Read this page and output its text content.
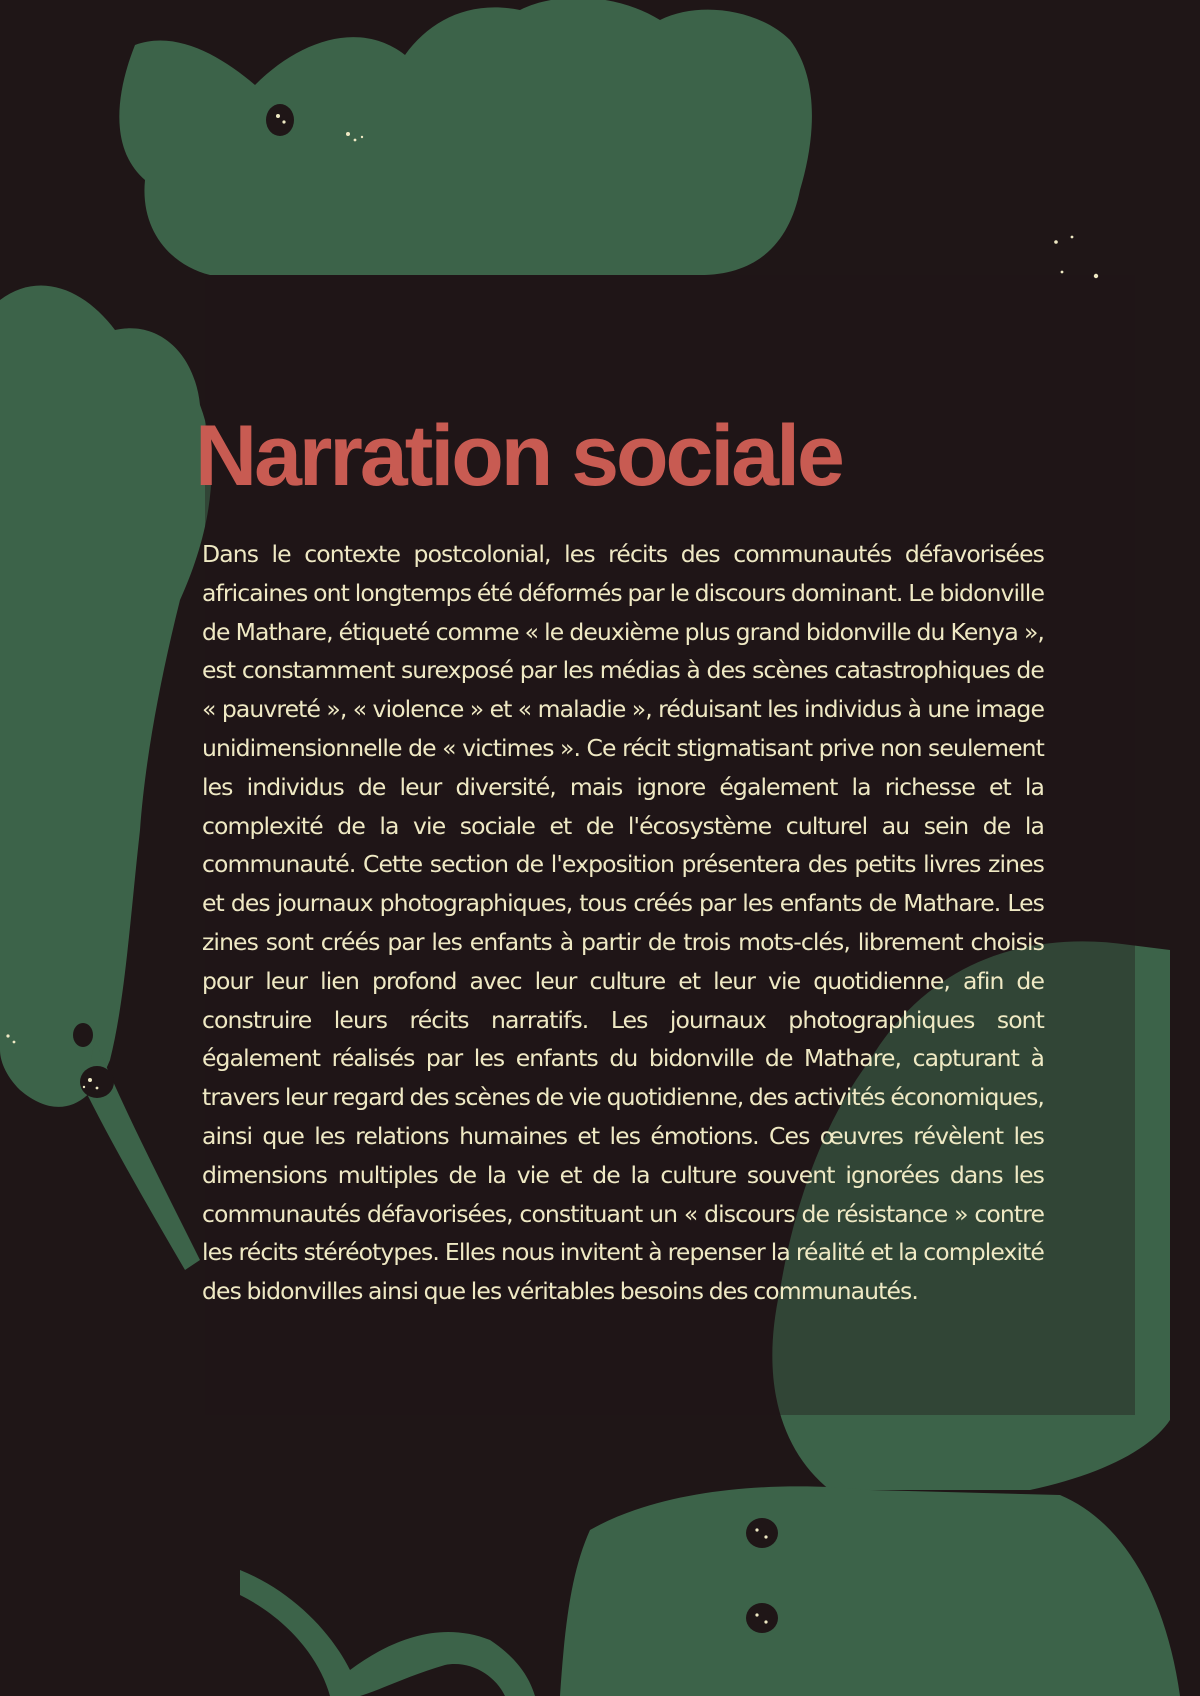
Narration sociale

Dans le contexte postcolonial, les récits des communautés défavorisées africaines ont longtemps été déformés par le discours dominant. Le bidonville de Mathare, étiqueté comme « le deuxième plus grand bidonville du Kenya », est constamment surexposé par les médias à des scènes catastrophiques de « pauvreté », « violence » et « maladie », réduisant les individus à une image unidimensionnelle de « victimes ». Ce récit stigmatisant prive non seulement les individus de leur diversité, mais ignore également la richesse et la complexité de la vie sociale et de l'écosystème culturel au sein de la communauté. Cette section de l'exposition présentera des petits livres zines et des journaux photographiques, tous créés par les enfants de Mathare. Les zines sont créés par les enfants à partir de trois mots-clés, librement choisis pour leur lien profond avec leur culture et leur vie quotidienne, afin de construire leurs récits narratifs. Les journaux photographiques sont également réalisés par les enfants du bidonville de Mathare, capturant à travers leur regard des scènes de vie quotidienne, des activités économiques, ainsi que les relations humaines et les émotions. Ces œuvres révèlent les dimensions multiples de la vie et de la culture souvent ignorées dans les communautés défavorisées, constituant un « discours de résistance » contre les récits stéréotypes. Elles nous invitent à repenser la réalité et la complexité des bidonvilles ainsi que les véritables besoins des communautés.
